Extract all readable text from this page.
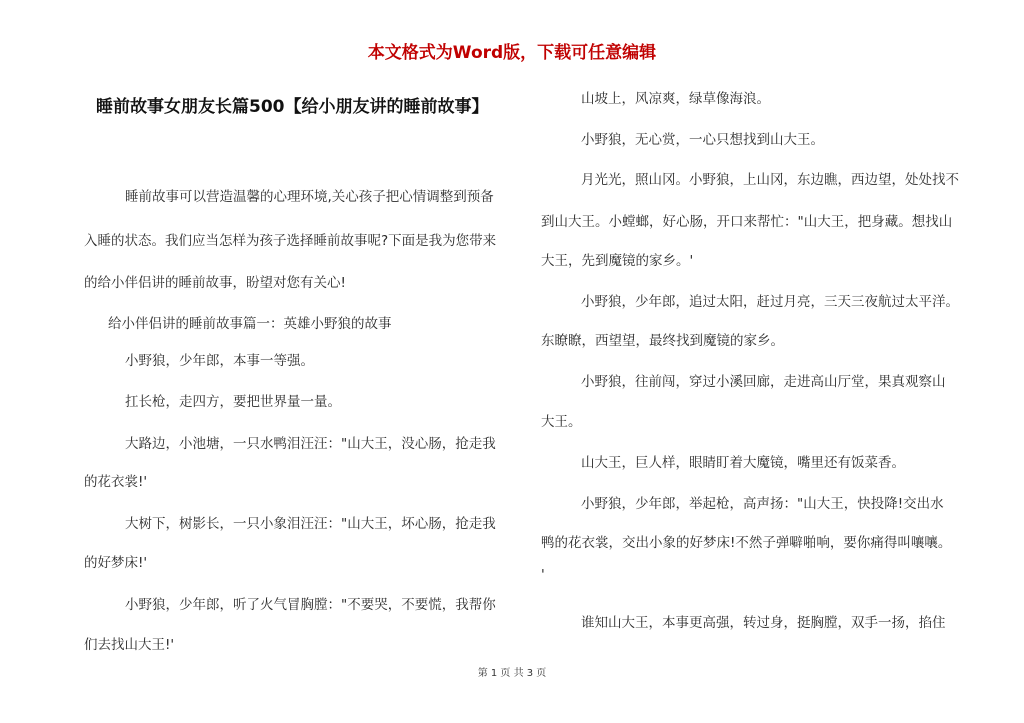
本文格式为Word版，下载可任意编辑
睡前故事女朋友长篇500【给小朋友讲的睡前故事】
睡前故事可以营造温馨的心理环境,关心孩子把心情调整到预备
入睡的状态。我们应当怎样为孩子选择睡前故事呢?下面是我为您带来
的给小伴侣讲的睡前故事，盼望对您有关心!
给小伴侣讲的睡前故事篇一：英雄小野狼的故事
小野狼，少年郎，本事一等强。
扛长枪，走四方，要把世界量一量。
大路边，小池塘，一只水鸭泪汪汪："山大王，没心肠，抢走我
的花衣裳!'
大树下，树影长，一只小象泪汪汪："山大王，坏心肠，抢走我
的好梦床!'
小野狼，少年郎，听了火气冒胸膛："不要哭，不要慌，我帮你
们去找山大王!'
山坡上，风凉爽，绿草像海浪。
小野狼，无心赏，一心只想找到山大王。
月光光，照山冈。小野狼，上山冈，东边瞧，西边望，处处找不
到山大王。小螳螂，好心肠，开口来帮忙："山大王，把身藏。想找山
大王，先到魔镜的家乡。'
小野狼，少年郎，追过太阳，赶过月亮，三天三夜航过太平洋。
东瞭瞭，西望望，最终找到魔镜的家乡。
小野狼，往前闯，穿过小溪回廊，走进高山厅堂，果真观察山
大王。
山大王，巨人样，眼睛盯着大魔镜，嘴里还有饭菜香。
小野狼，少年郎，举起枪，高声扬："山大王，快投降!交出水
鸭的花衣裳，交出小象的好梦床!不然子弹噼啪响，要你痛得叫嚷嚷。
'
谁知山大王，本事更高强，转过身，挺胸膛，双手一扬，掐住
第 1 页 共 3 页
